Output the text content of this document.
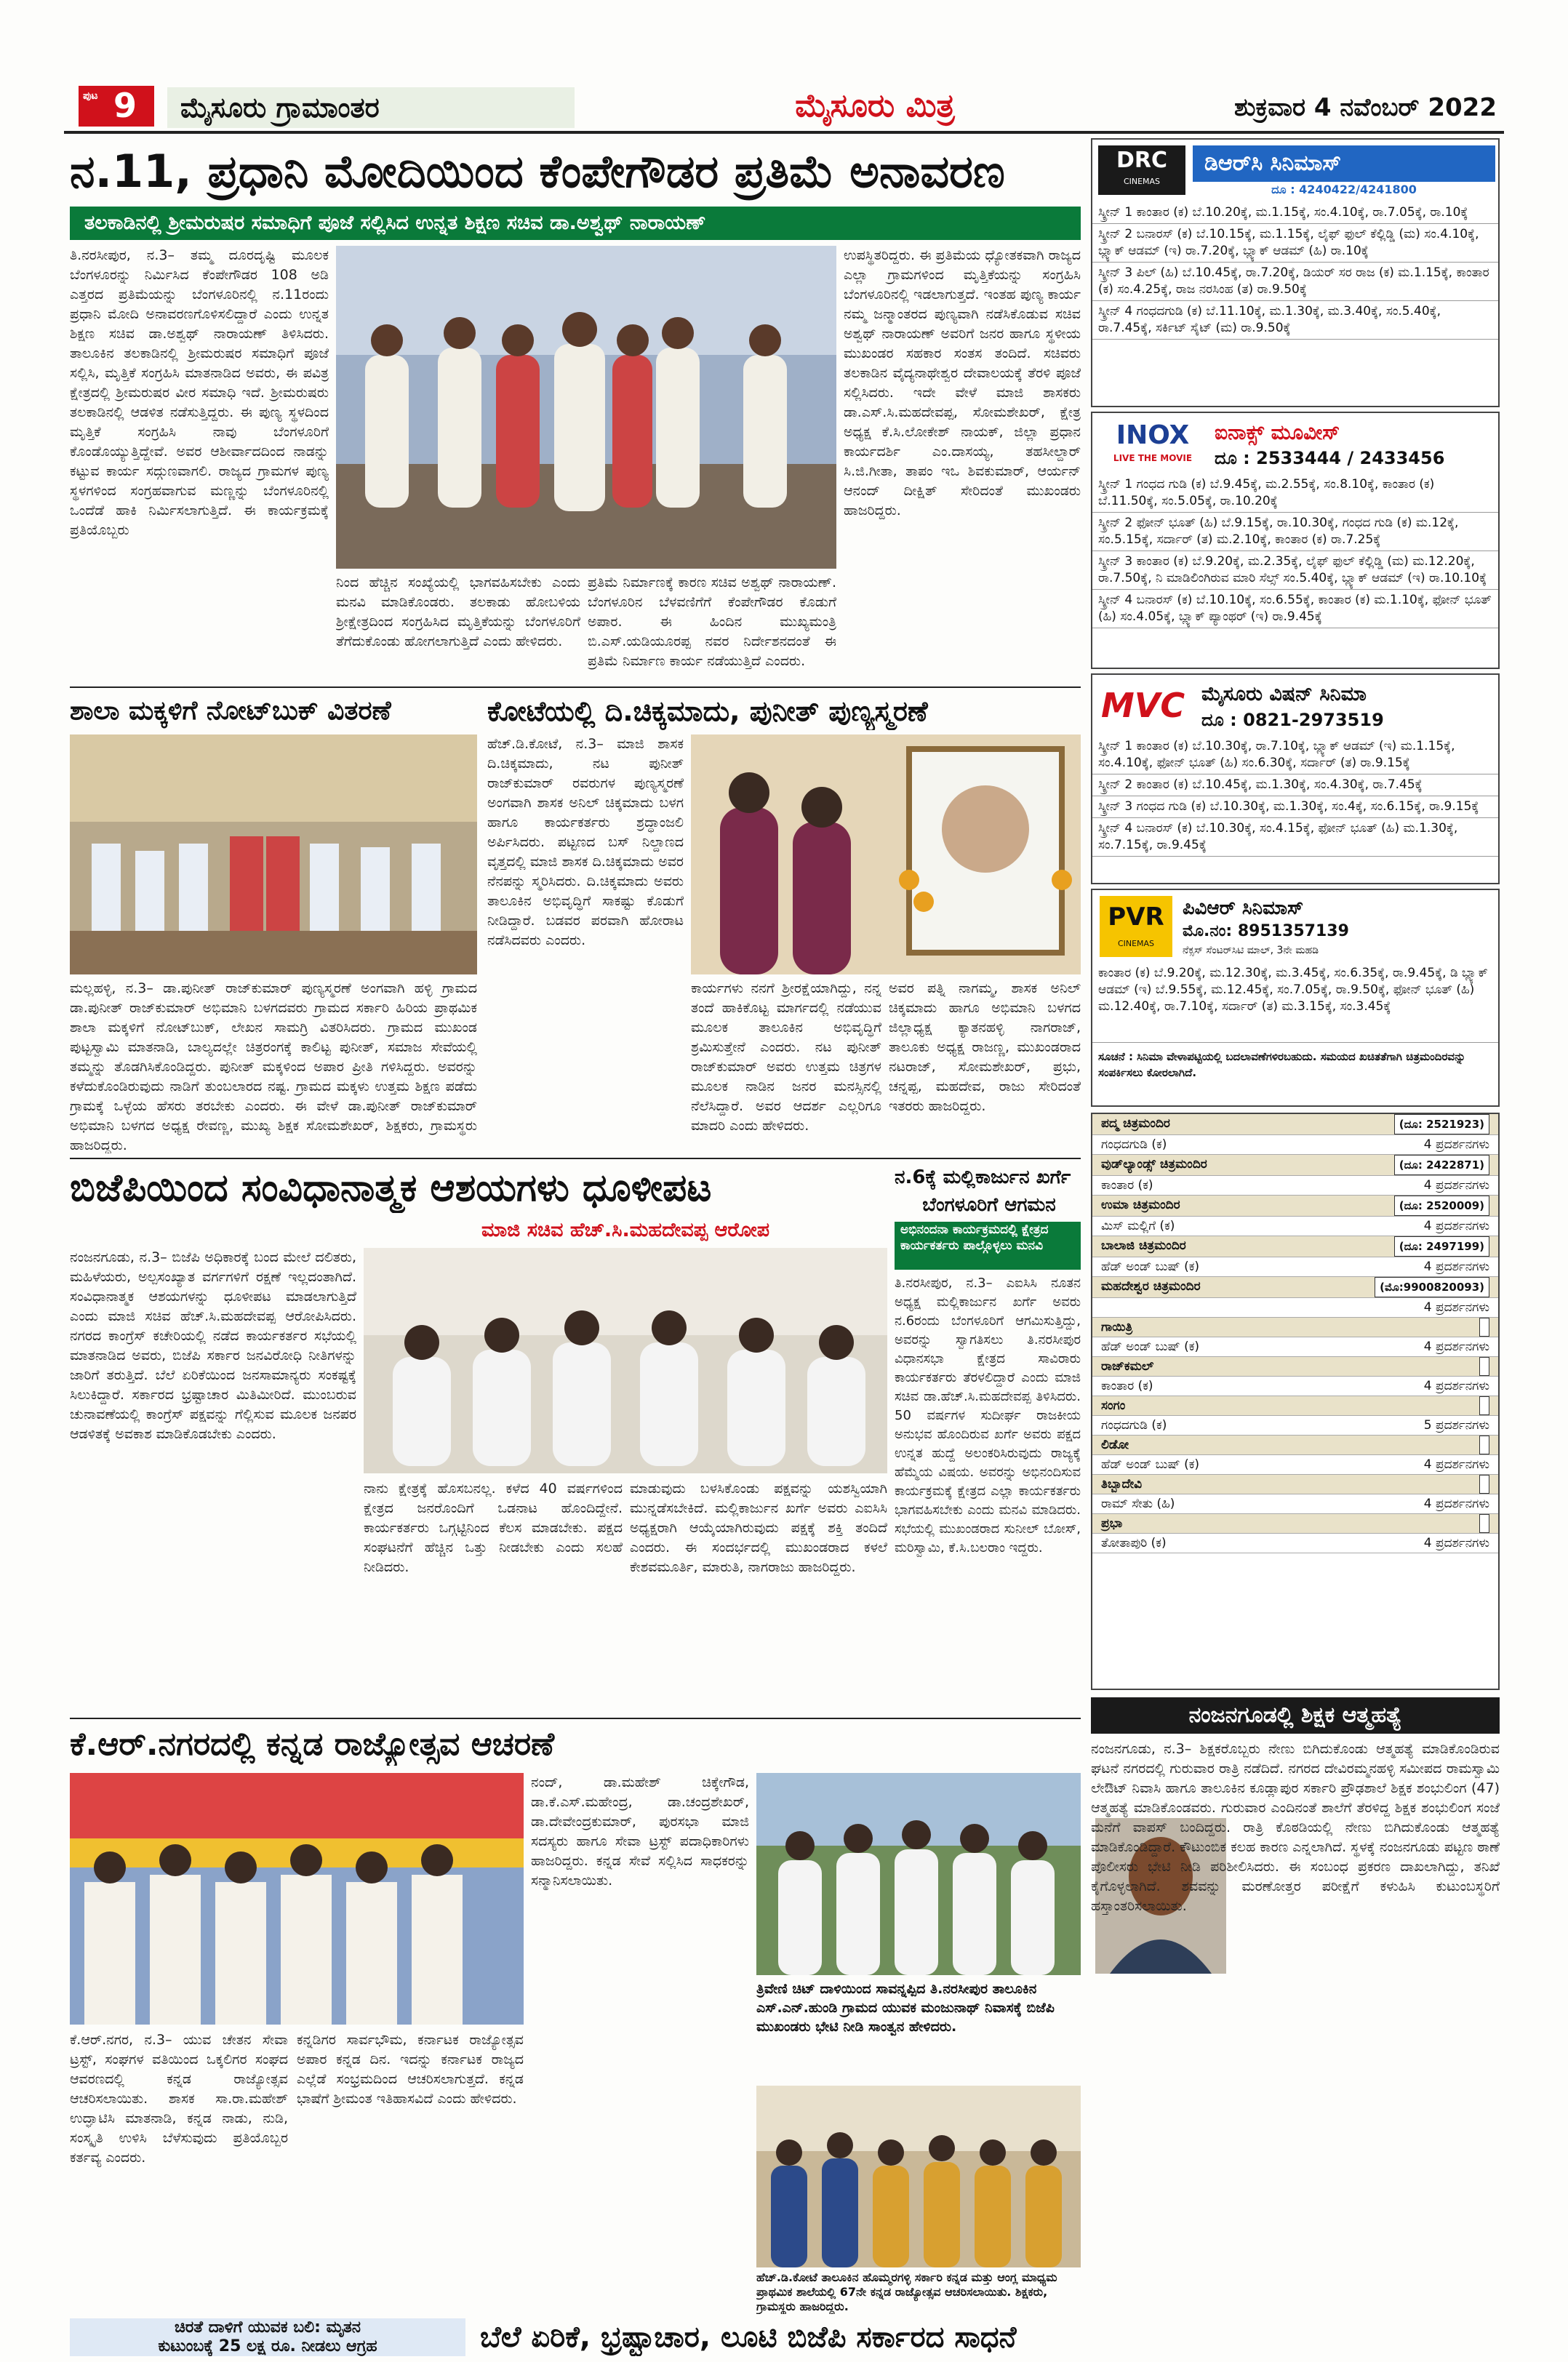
ಪುಟ 9	ಮೈಸೂರು ಗ್ರಾಮಾಂತರ	ಮೈಸೂರು ಮಿತ್ರ	ಶುಕ್ರವಾರ 4 ನವೆಂಬರ್ 2022
ನ.11, ಪ್ರಧಾನಿ ಮೋದಿಯಿಂದ ಕೆಂಪೇಗೌಡರ ಪ್ರತಿಮೆ ಅನಾವರಣ
ತಲಕಾಡಿನಲ್ಲಿ ಶ್ರೀಮರುಷರ ಸಮಾಧಿಗೆ ಪೂಜೆ ಸಲ್ಲಿಸಿದ ಉನ್ನತ ಶಿಕ್ಷಣ ಸಚಿವ ಡಾ.ಅಶ್ವಥ್ ನಾರಾಯಣ್
ತಿ.ನರಸೀಪುರ, ನ.3– ತಮ್ಮ ದೂರದೃಷ್ಟಿ ಮೂಲಕ ಬೆಂಗಳೂರನ್ನು ನಿರ್ಮಿಸಿದ ಕೆಂಪೇಗೌಡರ 108 ಅಡಿ ಎತ್ತರದ ಪ್ರತಿಮೆಯನ್ನು ಬೆಂಗಳೂರಿನಲ್ಲಿ ನ.11ರಂದು ಪ್ರಧಾನಿ ಮೋದಿ ಅನಾವರಣಗೊಳಿಸಲಿದ್ದಾರೆ ಎಂದು ಉನ್ನತ ಶಿಕ್ಷಣ ಸಚಿವ ಡಾ.ಅಶ್ವಥ್ ನಾರಾಯಣ್ ತಿಳಿಸಿದರು. ತಾಲೂಕಿನ ತಲಕಾಡಿನಲ್ಲಿ ಶ್ರೀಮರುಷರ ಸಮಾಧಿಗೆ ಪೂಜೆ ಸಲ್ಲಿಸಿ, ಮೃತ್ತಿಕೆ ಸಂಗ್ರಹಿಸಿ ಮಾತನಾಡಿದ ಅವರು, ಈ ಪವಿತ್ರ ಕ್ಷೇತ್ರದಲ್ಲಿ ಶ್ರೀಮರುಷರ ವೀರ ಸಮಾಧಿ ಇದೆ. ಶ್ರೀಮರುಷರು ತಲಕಾಡಿನಲ್ಲಿ ಆಡಳಿತ ನಡೆಸುತ್ತಿದ್ದರು. ಈ ಪುಣ್ಯ ಸ್ಥಳದಿಂದ ಮೃತ್ತಿಕೆ ಸಂಗ್ರಹಿಸಿ ನಾವು ಬೆಂಗಳೂರಿಗೆ ಕೊಂಡೊಯ್ಯುತ್ತಿದ್ದೇವೆ. ಅವರ ಆಶೀರ್ವಾದದಿಂದ ನಾಡನ್ನು ಕಟ್ಟುವ ಕಾರ್ಯ ಸದ್ಗುಣವಾಗಲಿ. ರಾಜ್ಯದ ಗ್ರಾಮಗಳ ಪುಣ್ಯ ಸ್ಥಳಗಳಿಂದ ಸಂಗ್ರಹವಾಗುವ ಮಣ್ಣನ್ನು ಬೆಂಗಳೂರಿನಲ್ಲಿ ಒಂದೆಡೆ ಹಾಕಿ ನಿರ್ಮಿಸಲಾಗುತ್ತಿದೆ. ಈ ಕಾರ್ಯಕ್ರಮಕ್ಕೆ ಪ್ರತಿಯೊಬ್ಬರು
ಉಪಸ್ಥಿತರಿದ್ದರು. ಈ ಪ್ರತಿಮೆಯ ಧ್ಯೋತಕವಾಗಿ ರಾಜ್ಯದ ಎಲ್ಲಾ ಗ್ರಾಮಗಳಿಂದ ಮೃತ್ತಿಕೆಯನ್ನು ಸಂಗ್ರಹಿಸಿ ಬೆಂಗಳೂರಿನಲ್ಲಿ ಇಡಲಾಗುತ್ತದೆ. ಇಂತಹ ಪುಣ್ಯ ಕಾರ್ಯ ನಮ್ಮ ಜನ್ಮಾಂತರದ ಪುಣ್ಯವಾಗಿ ನಡೆಸಿಕೊಡುವ ಸಚಿವ ಅಶ್ವಥ್ ನಾರಾಯಣ್ ಅವರಿಗೆ ಜನರ ಹಾಗೂ ಸ್ಥಳೀಯ ಮುಖಂಡರ ಸಹಕಾರ ಸಂತಸ ತಂದಿದೆ. ಸಚಿವರು ತಲಕಾಡಿನ ವೈದ್ಯನಾಥೇಶ್ವರ ದೇವಾಲಯಕ್ಕೆ ತೆರಳಿ ಪೂಜೆ ಸಲ್ಲಿಸಿದರು. ಇದೇ ವೇಳೆ ಮಾಜಿ ಶಾಸಕರು ಡಾ.ಎಸ್.ಸಿ.ಮಹದೇವಪ್ಪ, ಸೋಮಶೇಖರ್, ಕ್ಷೇತ್ರ ಅಧ್ಯಕ್ಷ ಕೆ.ಸಿ.ಲೋಕೇಶ್ ನಾಯಕ್, ಜಿಲ್ಲಾ ಪ್ರಧಾನ ಕಾರ್ಯದರ್ಶಿ ಎಂ.ದಾಸಯ್ಯ, ತಹಸೀಲ್ದಾರ್ ಸಿ.ಜಿ.ಗೀತಾ, ತಾಪಂ ಇಒ ಶಿವಕುಮಾರ್, ಆರ್ಯನ್ ಆನಂದ್ ದೀಕ್ಷಿತ್ ಸೇರಿದಂತೆ ಮುಖಂಡರು ಹಾಜರಿದ್ದರು.
ನಿಂದ ಹೆಚ್ಚಿನ ಸಂಖ್ಯೆಯಲ್ಲಿ ಭಾಗವಹಿಸಬೇಕು ಎಂದು ಮನವಿ ಮಾಡಿಕೊಂಡರು. ತಲಕಾಡು ಹೋಬಳಿಯ ಶ್ರೀಕ್ಷೇತ್ರದಿಂದ ಸಂಗ್ರಹಿಸಿದ ಮೃತ್ತಿಕೆಯನ್ನು ಬೆಂಗಳೂರಿಗೆ ತೆಗೆದುಕೊಂಡು ಹೋಗಲಾಗುತ್ತಿದೆ ಎಂದು ಹೇಳಿದರು.
ಪ್ರತಿಮೆ ನಿರ್ಮಾಣಕ್ಕೆ ಕಾರಣ ಸಚಿವ ಅಶ್ವಥ್ ನಾರಾಯಣ್. ಬೆಂಗಳೂರಿನ ಬೆಳವಣಿಗೆಗೆ ಕೆಂಪೇಗೌಡರ ಕೊಡುಗೆ ಅಪಾರ. ಈ ಹಿಂದಿನ ಮುಖ್ಯಮಂತ್ರಿ ಬಿ.ಎಸ್.ಯಡಿಯೂರಪ್ಪ ನವರ ನಿರ್ದೇಶನದಂತೆ ಈ ಪ್ರತಿಮೆ ನಿರ್ಮಾಣ ಕಾರ್ಯ ನಡೆಯುತ್ತಿದೆ ಎಂದರು.
ಶಾಲಾ ಮಕ್ಕಳಿಗೆ ನೋಟ್‌ಬುಕ್ ವಿತರಣೆ
ಮಲ್ಲಹಳ್ಳಿ, ನ.3– ಡಾ.ಪುನೀತ್ ರಾಜ್‌ಕುಮಾರ್ ಪುಣ್ಯಸ್ಮರಣೆ ಅಂಗವಾಗಿ ಹಳ್ಳಿ ಗ್ರಾಮದ ಡಾ.ಪುನೀತ್ ರಾಜ್‌ಕುಮಾರ್ ಅಭಿಮಾನಿ ಬಳಗದವರು ಗ್ರಾಮದ ಸರ್ಕಾರಿ ಹಿರಿಯ ಪ್ರಾಥಮಿಕ ಶಾಲಾ ಮಕ್ಕಳಿಗೆ ನೋಟ್‌ಬುಕ್, ಲೇಖನ ಸಾಮಗ್ರಿ ವಿತರಿಸಿದರು. ಗ್ರಾಮದ ಮುಖಂಡ ಪುಟ್ಟಸ್ವಾಮಿ ಮಾತನಾಡಿ, ಬಾಲ್ಯದಲ್ಲೇ ಚಿತ್ರರಂಗಕ್ಕೆ ಕಾಲಿಟ್ಟ ಪುನೀತ್, ಸಮಾಜ ಸೇವೆಯಲ್ಲಿ ತಮ್ಮನ್ನು ತೊಡಗಿಸಿಕೊಂಡಿದ್ದರು. ಪುನೀತ್ ಮಕ್ಕಳಿಂದ ಅಪಾರ ಪ್ರೀತಿ ಗಳಿಸಿದ್ದರು. ಅವರನ್ನು ಕಳೆದುಕೊಂಡಿರುವುದು ನಾಡಿಗೆ ತುಂಬಲಾರದ ನಷ್ಟ. ಗ್ರಾಮದ ಮಕ್ಕಳು ಉತ್ತಮ ಶಿಕ್ಷಣ ಪಡೆದು ಗ್ರಾಮಕ್ಕೆ ಒಳ್ಳೆಯ ಹೆಸರು ತರಬೇಕು ಎಂದರು. ಈ ವೇಳೆ ಡಾ.ಪುನೀತ್ ರಾಜ್‌ಕುಮಾರ್ ಅಭಿಮಾನಿ ಬಳಗದ ಅಧ್ಯಕ್ಷ ರೇವಣ್ಣ, ಮುಖ್ಯ ಶಿಕ್ಷಕ ಸೋಮಶೇಖರ್, ಶಿಕ್ಷಕರು, ಗ್ರಾಮಸ್ಥರು ಹಾಜರಿದ್ದರು.
ಕೋಟೆಯಲ್ಲಿ ದಿ.ಚಿಕ್ಕಮಾದು, ಪುನೀತ್ ಪುಣ್ಯಸ್ಮರಣೆ
ಹೆಚ್.ಡಿ.ಕೋಟೆ, ನ.3– ಮಾಜಿ ಶಾಸಕ ದಿ.ಚಿಕ್ಕಮಾದು, ನಟ ಪುನೀತ್ ರಾಜ್‌ಕುಮಾರ್ ರವರುಗಳ ಪುಣ್ಯಸ್ಮರಣೆ ಅಂಗವಾಗಿ ಶಾಸಕ ಅನಿಲ್ ಚಿಕ್ಕಮಾದು ಬಳಗ ಹಾಗೂ ಕಾರ್ಯಕರ್ತರು ಶ್ರದ್ಧಾಂಜಲಿ ಅರ್ಪಿಸಿದರು. ಪಟ್ಟಣದ ಬಸ್ ನಿಲ್ದಾಣದ ವೃತ್ತದಲ್ಲಿ ಮಾಜಿ ಶಾಸಕ ದಿ.ಚಿಕ್ಕಮಾದು ಅವರ ನೆನಪನ್ನು ಸ್ಮರಿಸಿದರು. ದಿ.ಚಿಕ್ಕಮಾದು ಅವರು ತಾಲೂಕಿನ ಅಭಿವೃದ್ಧಿಗೆ ಸಾಕಷ್ಟು ಕೊಡುಗೆ ನೀಡಿದ್ದಾರೆ. ಬಡವರ ಪರವಾಗಿ ಹೋರಾಟ ನಡೆಸಿದವರು ಎಂದರು.
ಕಾರ್ಯಗಳು ನನಗೆ ಶ್ರೀರಕ್ಷೆಯಾಗಿದ್ದು, ನನ್ನ ತಂದೆ ಹಾಕಿಕೊಟ್ಟ ಮಾರ್ಗದಲ್ಲಿ ನಡೆಯುವ ಮೂಲಕ ತಾಲೂಕಿನ ಅಭಿವೃದ್ಧಿಗೆ ಶ್ರಮಿಸುತ್ತೇನೆ ಎಂದರು. ನಟ ಪುನೀತ್ ರಾಜ್‌ಕುಮಾರ್ ಅವರು ಉತ್ತಮ ಚಿತ್ರಗಳ ಮೂಲಕ ನಾಡಿನ ಜನರ ಮನಸ್ಸಿನಲ್ಲಿ ನೆಲೆಸಿದ್ದಾರೆ. ಅವರ ಆದರ್ಶ ಎಲ್ಲರಿಗೂ ಮಾದರಿ ಎಂದು ಹೇಳಿದರು.
ಅವರ ಪತ್ನಿ ನಾಗಮ್ಮ, ಶಾಸಕ ಅನಿಲ್ ಚಿಕ್ಕಮಾದು ಹಾಗೂ ಅಭಿಮಾನಿ ಬಳಗದ ಜಿಲ್ಲಾಧ್ಯಕ್ಷ ಕ್ಯಾತನಹಳ್ಳಿ ನಾಗರಾಜ್, ತಾಲೂಕು ಅಧ್ಯಕ್ಷ ರಾಜಣ್ಣ, ಮುಖಂಡರಾದ ನಟರಾಜ್, ಸೋಮಶೇಖರ್, ಪ್ರಭು, ಚನ್ನಪ್ಪ, ಮಹದೇವ, ರಾಜು ಸೇರಿದಂತೆ ಇತರರು ಹಾಜರಿದ್ದರು.
ಬಿಜೆಪಿಯಿಂದ ಸಂವಿಧಾನಾತ್ಮಕ ಆಶಯಗಳು ಧೂಳೀಪಟ
ಮಾಜಿ ಸಚಿವ ಹೆಚ್.ಸಿ.ಮಹದೇವಪ್ಪ ಆರೋಪ
ನಂಜನಗೂಡು, ನ.3– ಬಿಜೆಪಿ ಅಧಿಕಾರಕ್ಕೆ ಬಂದ ಮೇಲೆ ದಲಿತರು, ಮಹಿಳೆಯರು, ಅಲ್ಪಸಂಖ್ಯಾತ ವರ್ಗಗಳಿಗೆ ರಕ್ಷಣೆ ಇಲ್ಲದಂತಾಗಿದೆ. ಸಂವಿಧಾನಾತ್ಮಕ ಆಶಯಗಳನ್ನು ಧೂಳೀಪಟ ಮಾಡಲಾಗುತ್ತಿದೆ ಎಂದು ಮಾಜಿ ಸಚಿವ ಹೆಚ್.ಸಿ.ಮಹದೇವಪ್ಪ ಆರೋಪಿಸಿದರು. ನಗರದ ಕಾಂಗ್ರೆಸ್ ಕಚೇರಿಯಲ್ಲಿ ನಡೆದ ಕಾರ್ಯಕರ್ತರ ಸಭೆಯಲ್ಲಿ ಮಾತನಾಡಿದ ಅವರು, ಬಿಜೆಪಿ ಸರ್ಕಾರ ಜನವಿರೋಧಿ ನೀತಿಗಳನ್ನು ಜಾರಿಗೆ ತರುತ್ತಿದೆ. ಬೆಲೆ ಏರಿಕೆಯಿಂದ ಜನಸಾಮಾನ್ಯರು ಸಂಕಷ್ಟಕ್ಕೆ ಸಿಲುಕಿದ್ದಾರೆ. ಸರ್ಕಾರದ ಭ್ರಷ್ಟಾಚಾರ ಮಿತಿಮೀರಿದೆ. ಮುಂಬರುವ ಚುನಾವಣೆಯಲ್ಲಿ ಕಾಂಗ್ರೆಸ್ ಪಕ್ಷವನ್ನು ಗೆಲ್ಲಿಸುವ ಮೂಲಕ ಜನಪರ ಆಡಳಿತಕ್ಕೆ ಅವಕಾಶ ಮಾಡಿಕೊಡಬೇಕು ಎಂದರು.
ನಾನು ಕ್ಷೇತ್ರಕ್ಕೆ ಹೊಸಬನಲ್ಲ. ಕಳೆದ 40 ವರ್ಷಗಳಿಂದ ಕ್ಷೇತ್ರದ ಜನರೊಂದಿಗೆ ಒಡನಾಟ ಹೊಂದಿದ್ದೇನೆ. ಕಾರ್ಯಕರ್ತರು ಒಗ್ಗಟ್ಟಿನಿಂದ ಕೆಲಸ ಮಾಡಬೇಕು. ಪಕ್ಷದ ಸಂಘಟನೆಗೆ ಹೆಚ್ಚಿನ ಒತ್ತು ನೀಡಬೇಕು ಎಂದು ಸಲಹೆ ನೀಡಿದರು.
ಮಾಡುವುದು ಬಳಸಿಕೊಂಡು ಪಕ್ಷವನ್ನು ಯಶಸ್ವಿಯಾಗಿ ಮುನ್ನಡೆಸಬೇಕಿದೆ. ಮಲ್ಲಿಕಾರ್ಜುನ ಖರ್ಗೆ ಅವರು ಎಐಸಿಸಿ ಅಧ್ಯಕ್ಷರಾಗಿ ಆಯ್ಕೆಯಾಗಿರುವುದು ಪಕ್ಷಕ್ಕೆ ಶಕ್ತಿ ತಂದಿದೆ ಎಂದರು. ಈ ಸಂದರ್ಭದಲ್ಲಿ ಮುಖಂಡರಾದ ಕಳಲೆ ಕೇಶವಮೂರ್ತಿ, ಮಾರುತಿ, ನಾಗರಾಜು ಹಾಜರಿದ್ದರು.
ನ.6ಕ್ಕೆ ಮಲ್ಲಿಕಾರ್ಜುನ ಖರ್ಗೆ
ಬೆಂಗಳೂರಿಗೆ ಆಗಮನ
ಅಭಿನಂದನಾ ಕಾರ್ಯಕ್ರಮದಲ್ಲಿ ಕ್ಷೇತ್ರದ ಕಾರ್ಯಕರ್ತರು ಪಾಲ್ಗೊಳ್ಳಲು ಮನವಿ
ತಿ.ನರಸೀಪುರ, ನ.3– ಎಐಸಿಸಿ ನೂತನ ಅಧ್ಯಕ್ಷ ಮಲ್ಲಿಕಾರ್ಜುನ ಖರ್ಗೆ ಅವರು ನ.6ರಂದು ಬೆಂಗಳೂರಿಗೆ ಆಗಮಿಸುತ್ತಿದ್ದು, ಅವರನ್ನು ಸ್ವಾಗತಿಸಲು ತಿ.ನರಸೀಪುರ ವಿಧಾನಸಭಾ ಕ್ಷೇತ್ರದ ಸಾವಿರಾರು ಕಾರ್ಯಕರ್ತರು ತೆರಳಲಿದ್ದಾರೆ ಎಂದು ಮಾಜಿ ಸಚಿವ ಡಾ.ಹೆಚ್.ಸಿ.ಮಹದೇವಪ್ಪ ತಿಳಿಸಿದರು. 50 ವರ್ಷಗಳ ಸುದೀರ್ಘ ರಾಜಕೀಯ ಅನುಭವ ಹೊಂದಿರುವ ಖರ್ಗೆ ಅವರು ಪಕ್ಷದ ಉನ್ನತ ಹುದ್ದೆ ಅಲಂಕರಿಸಿರುವುದು ರಾಜ್ಯಕ್ಕೆ ಹೆಮ್ಮೆಯ ವಿಷಯ. ಅವರನ್ನು ಅಭಿನಂದಿಸುವ ಕಾರ್ಯಕ್ರಮಕ್ಕೆ ಕ್ಷೇತ್ರದ ಎಲ್ಲಾ ಕಾರ್ಯಕರ್ತರು ಭಾಗವಹಿಸಬೇಕು ಎಂದು ಮನವಿ ಮಾಡಿದರು. ಸಭೆಯಲ್ಲಿ ಮುಖಂಡರಾದ ಸುನೀಲ್ ಬೋಸ್, ಮರಿಸ್ವಾಮಿ, ಕೆ.ಸಿ.ಬಲರಾಂ ಇದ್ದರು.
ಕೆ.ಆರ್.ನಗರದಲ್ಲಿ ಕನ್ನಡ ರಾಜ್ಯೋತ್ಸವ ಆಚರಣೆ
ಕೆ.ಆರ್.ನಗರ, ನ.3– ಯುವ ಚೇತನ ಸೇವಾ ಟ್ರಸ್ಟ್, ಸಂಘಗಳ ವತಿಯಿಂದ ಒಕ್ಕಲಿಗರ ಸಂಘದ ಆವರಣದಲ್ಲಿ ಕನ್ನಡ ರಾಜ್ಯೋತ್ಸವ ಆಚರಿಸಲಾಯಿತು. ಶಾಸಕ ಸಾ.ರಾ.ಮಹೇಶ್ ಉದ್ಘಾಟಿಸಿ ಮಾತನಾಡಿ, ಕನ್ನಡ ನಾಡು, ನುಡಿ, ಸಂಸ್ಕೃತಿ ಉಳಿಸಿ ಬೆಳೆಸುವುದು ಪ್ರತಿಯೊಬ್ಬರ ಕರ್ತವ್ಯ ಎಂದರು.
ಕನ್ನಡಿಗರ ಸಾರ್ವಭೌಮ, ಕರ್ನಾಟಕ ರಾಜ್ಯೋತ್ಸವ ಅಪಾರ ಕನ್ನಡ ದಿನ. ಇದನ್ನು ಕರ್ನಾಟಕ ರಾಜ್ಯದ ಎಲ್ಲೆಡೆ ಸಂಭ್ರಮದಿಂದ ಆಚರಿಸಲಾಗುತ್ತದೆ. ಕನ್ನಡ ಭಾಷೆಗೆ ಶ್ರೀಮಂತ ಇತಿಹಾಸವಿದೆ ಎಂದು ಹೇಳಿದರು.
ನಂದ್, ಡಾ.ಮಹೇಶ್ ಚಿಕ್ಕೇಗೌಡ, ಡಾ.ಕೆ.ಎಸ್.ಮಹೇಂದ್ರ, ಡಾ.ಚಂದ್ರಶೇಖರ್, ಡಾ.ದೇವೇಂದ್ರಕುಮಾರ್, ಪುರಸಭಾ ಮಾಜಿ ಸದಸ್ಯರು ಹಾಗೂ ಸೇವಾ ಟ್ರಸ್ಟ್ ಪದಾಧಿಕಾರಿಗಳು ಹಾಜರಿದ್ದರು. ಕನ್ನಡ ಸೇವೆ ಸಲ್ಲಿಸಿದ ಸಾಧಕರನ್ನು ಸನ್ಮಾನಿಸಲಾಯಿತು.
ತ್ರಿವೇಣಿ ಚಿಟ್ ದಾಳಿಯಿಂದ ಸಾವನ್ನಪ್ಪಿದ ತಿ.ನರಸೀಪುರ ತಾಲೂಕಿನ ಎಸ್.ಎನ್.ಹುಂಡಿ ಗ್ರಾಮದ ಯುವಕ ಮಂಜುನಾಥ್ ನಿವಾಸಕ್ಕೆ ಬಿಜೆಪಿ ಮುಖಂಡರು ಭೇಟಿ ನೀಡಿ ಸಾಂತ್ವನ ಹೇಳಿದರು.
ಹೆಚ್.ಡಿ.ಕೋಟೆ ತಾಲೂಕಿನ ಹೊಮ್ಮರಗಳ್ಳಿ ಸರ್ಕಾರಿ ಕನ್ನಡ ಮತ್ತು ಆಂಗ್ಲ ಮಾಧ್ಯಮ ಪ್ರಾಥಮಿಕ ಶಾಲೆಯಲ್ಲಿ 67ನೇ ಕನ್ನಡ ರಾಜ್ಯೋತ್ಸವ ಆಚರಿಸಲಾಯಿತು. ಶಿಕ್ಷಕರು, ಗ್ರಾಮಸ್ಥರು ಹಾಜರಿದ್ದರು.
ಚಿರತೆ ದಾಳಿಗೆ ಯುವಕ ಬಲಿ: ಮೃತನ
ಕುಟುಂಬಕ್ಕೆ 25 ಲಕ್ಷ ರೂ. ನೀಡಲು ಆಗ್ರಹ	ಬೆಲೆ ಏರಿಕೆ, ಭ್ರಷ್ಟಾಚಾರ, ಲೂಟಿ ಬಿಜೆಪಿ ಸರ್ಕಾರದ ಸಾಧನೆ
DRC
CINEMAS
ಡಿಆರ್‌ಸಿ ಸಿನಿಮಾಸ್
ದೂ : 4240422/4241800
ಸ್ಕ್ರೀನ್ 1 ಕಾಂತಾರ (ಕ) ಬೆ.10.20ಕ್ಕೆ, ಮ.1.15ಕ್ಕೆ, ಸಂ.4.10ಕ್ಕೆ, ರಾ.7.05ಕ್ಕೆ, ರಾ.10ಕ್ಕೆ
ಸ್ಕ್ರೀನ್ 2 ಬನಾರಸ್ (ಕ) ಬೆ.10.15ಕ್ಕೆ, ಮ.1.15ಕ್ಕೆ, ಲೈಫ್ ಫುಲ್ ಕೆಲ್ಲಿಡ್ಡಿ (ಮ) ಸಂ.4.10ಕ್ಕೆ, ಬ್ಲ್ಯಾಕ್ ಆಡಮ್ (ಇ) ರಾ.7.20ಕ್ಕೆ, ಬ್ಲ್ಯಾಕ್ ಆಡಮ್ (ಹಿ) ರಾ.10ಕ್ಕೆ
ಸ್ಕ್ರೀನ್ 3 ಪಿಲ್ (ಹಿ) ಬೆ.10.45ಕ್ಕೆ, ರಾ.7.20ಕ್ಕೆ, ಡಿಯರ್ ಸರ ರಾಜ (ಕ) ಮ.1.15ಕ್ಕೆ, ಕಾಂತಾರ (ಕ) ಸಂ.4.25ಕ್ಕೆ, ರಾಜ ನರಸಿಂಹ (ತ) ರಾ.9.50ಕ್ಕೆ
ಸ್ಕ್ರೀನ್ 4 ಗಂಧದಗುಡಿ (ಕ) ಬೆ.11.10ಕ್ಕೆ, ಮ.1.30ಕ್ಕೆ, ಮ.3.40ಕ್ಕೆ, ಸಂ.5.40ಕ್ಕೆ, ರಾ.7.45ಕ್ಕೆ, ಸರ್ಕಿಟ್ ಸೈಟ್ (ಮ) ರಾ.9.50ಕ್ಕೆ
INOX
LIVE THE MOVIE
ಐನಾಕ್ಸ್ ಮೂವೀಸ್
ದೂ : 2533444 / 2433456
ಸ್ಕ್ರೀನ್ 1 ಗಂಧದ ಗುಡಿ (ಕ) ಬೆ.9.45ಕ್ಕೆ, ಮ.2.55ಕ್ಕೆ, ಸಂ.8.10ಕ್ಕೆ, ಕಾಂತಾರ (ಕ) ಬೆ.11.50ಕ್ಕೆ, ಸಂ.5.05ಕ್ಕೆ, ರಾ.10.20ಕ್ಕೆ
ಸ್ಕ್ರೀನ್ 2 ಫೋನ್ ಭೂತ್ (ಹಿ) ಬೆ.9.15ಕ್ಕೆ, ರಾ.10.30ಕ್ಕೆ, ಗಂಧದ ಗುಡಿ (ಕ) ಮ.12ಕ್ಕೆ, ಸಂ.5.15ಕ್ಕೆ, ಸರ್ದಾರ್ (ತ) ಮ.2.10ಕ್ಕೆ, ಕಾಂತಾರ (ಕ) ರಾ.7.25ಕ್ಕೆ
ಸ್ಕ್ರೀನ್ 3 ಕಾಂತಾರ (ಕ) ಬೆ.9.20ಕ್ಕೆ, ಮ.2.35ಕ್ಕೆ, ಲೈಫ್ ಫುಲ್ ಕೆಲ್ಲಿಡ್ಡಿ (ಮ) ಮ.12.20ಕ್ಕೆ, ರಾ.7.50ಕ್ಕೆ, ನಿ ಮಾಡಿಲಿಂಗಿರುವ ಮಾರಿ ಸೆಲ್ಸ್ ಸಂ.5.40ಕ್ಕೆ, ಬ್ಲ್ಯಾಕ್ ಆಡಮ್ (ಇ) ರಾ.10.10ಕ್ಕೆ
ಸ್ಕ್ರೀನ್ 4 ಬನಾರಸ್ (ಕ) ಬೆ.10.10ಕ್ಕೆ, ಸಂ.6.55ಕ್ಕೆ, ಕಾಂತಾರ (ಕ) ಮ.1.10ಕ್ಕೆ, ಫೋನ್ ಭೂತ್ (ಹಿ) ಸಂ.4.05ಕ್ಕೆ, ಬ್ಲ್ಯಾಕ್ ಪ್ಯಾಂಥರ್ (ಇ) ರಾ.9.45ಕ್ಕೆ
MVC ಮೈಸೂರು ವಿಷನ್ ಸಿನಿಮಾ
ದೂ : 0821-2973519
ಸ್ಕ್ರೀನ್ 1 ಕಾಂತಾರ (ಕ) ಬೆ.10.30ಕ್ಕೆ, ರಾ.7.10ಕ್ಕೆ, ಬ್ಲ್ಯಾಕ್ ಆಡಮ್ (ಇ) ಮ.1.15ಕ್ಕೆ, ಸಂ.4.10ಕ್ಕೆ, ಫೋನ್ ಭೂತ್ (ಹಿ) ಸಂ.6.30ಕ್ಕೆ, ಸರ್ದಾರ್ (ತ) ರಾ.9.15ಕ್ಕೆ
ಸ್ಕ್ರೀನ್ 2 ಕಾಂತಾರ (ಕ) ಬೆ.10.45ಕ್ಕೆ, ಮ.1.30ಕ್ಕೆ, ಸಂ.4.30ಕ್ಕೆ, ರಾ.7.45ಕ್ಕೆ
ಸ್ಕ್ರೀನ್ 3 ಗಂಧದ ಗುಡಿ (ಕ) ಬೆ.10.30ಕ್ಕೆ, ಮ.1.30ಕ್ಕೆ, ಸಂ.4ಕ್ಕೆ, ಸಂ.6.15ಕ್ಕೆ, ರಾ.9.15ಕ್ಕೆ
ಸ್ಕ್ರೀನ್ 4 ಬನಾರಸ್ (ಕ) ಬೆ.10.30ಕ್ಕೆ, ಸಂ.4.15ಕ್ಕೆ, ಫೋನ್ ಭೂತ್ (ಹಿ) ಮ.1.30ಕ್ಕೆ, ಸಂ.7.15ಕ್ಕೆ, ರಾ.9.45ಕ್ಕೆ
PVR
CINEMAS
ಪಿವಿಆರ್ ಸಿನಿಮಾಸ್
ಮೊ.ನಂ: 8951357139
ನೆಕ್ಸಸ್ ಸೆಂಟರ್‌ಸಿಟಿ ಮಾಲ್, 3ನೇ ಮಹಡಿ
ಕಾಂತಾರ (ಕ) ಬೆ.9.20ಕ್ಕೆ, ಮ.12.30ಕ್ಕೆ, ಮ.3.45ಕ್ಕೆ, ಸಂ.6.35ಕ್ಕೆ, ರಾ.9.45ಕ್ಕೆ, ಡಿ ಬ್ಲ್ಯಾಕ್ ಆಡಮ್ (ಇ) ಬೆ.9.55ಕ್ಕೆ, ಮ.12.45ಕ್ಕೆ, ಸಂ.7.05ಕ್ಕೆ, ರಾ.9.50ಕ್ಕೆ, ಫೋನ್ ಭೂತ್ (ಹಿ) ಮ.12.40ಕ್ಕೆ, ರಾ.7.10ಕ್ಕೆ, ಸರ್ದಾರ್ (ತ) ಮ.3.15ಕ್ಕೆ, ಸಂ.3.45ಕ್ಕೆ
ಸೂಚನೆ : ಸಿನಿಮಾ ವೇಳಾಪಟ್ಟಿಯಲ್ಲಿ ಬದಲಾವಣೆಗಳಿರಬಹುದು. ಸಮಯದ ಖಚಿತತೆಗಾಗಿ ಚಿತ್ರಮಂದಿರವನ್ನು ಸಂಪರ್ಕಿಸಲು ಕೋರಲಾಗಿದೆ.
ಪದ್ಮ ಚಿತ್ರಮಂದಿರ	(ದೂ: 2521923)
ಗಂಧದಗುಡಿ (ಕ)	4 ಪ್ರದರ್ಶನಗಳು
ವುಡ್‌ಲ್ಯಾಂಡ್ಸ್ ಚಿತ್ರಮಂದಿರ	(ದೂ: 2422871)
ಕಾಂತಾರ (ಕ)	4 ಪ್ರದರ್ಶನಗಳು
ಉಮಾ ಚಿತ್ರಮಂದಿರ	(ದೂ: 2520009)
ಮಿಸ್ ಮಲ್ಲಿಗೆ (ಕ)	4 ಪ್ರದರ್ಶನಗಳು
ಬಾಲಾಜಿ ಚಿತ್ರಮಂದಿರ	(ದೂ: 2497199)
ಹೆಡ್ ಅಂಡ್ ಬುಷ್ (ಕ)	4 ಪ್ರದರ್ಶನಗಳು
ಮಹದೇಶ್ವರ ಚಿತ್ರಮಂದಿರ	(ಮೊ:9900820093)
4 ಪ್ರದರ್ಶನಗಳು
ಗಾಯಿತ್ರಿ
ಹೆಡ್ ಅಂಡ್ ಬುಷ್ (ಕ)	4 ಪ್ರದರ್ಶನಗಳು
ರಾಜ್‌ಕಮಲ್
ಕಾಂತಾರ (ಕ)	4 ಪ್ರದರ್ಶನಗಳು
ಸಂಗಂ
ಗಂಧದಗುಡಿ (ಕ)	5 ಪ್ರದರ್ಶನಗಳು
ಲಿಡೋ
ಹೆಡ್ ಅಂಡ್ ಬುಷ್ (ಕ)	4 ಪ್ರದರ್ಶನಗಳು
ತಿಬ್ಬಾದೇವಿ
ರಾಮ್ ಸೇತು (ಹಿ)	4 ಪ್ರದರ್ಶನಗಳು
ಪ್ರಭಾ
ತೋತಾಪುರಿ (ಕ)	4 ಪ್ರದರ್ಶನಗಳು
ನಂಜನಗೂಡಲ್ಲಿ ಶಿಕ್ಷಕ ಆತ್ಮಹತ್ಯೆ
ನಂಜನಗೂಡು, ನ.3– ಶಿಕ್ಷಕರೊಬ್ಬರು ನೇಣು ಬಿಗಿದುಕೊಂಡು ಆತ್ಮಹತ್ಯೆ ಮಾಡಿಕೊಂಡಿರುವ ಘಟನೆ ನಗರದಲ್ಲಿ ಗುರುವಾರ ರಾತ್ರಿ ನಡೆದಿದೆ. ನಗರದ ದೇವಿರಮ್ಮನಹಳ್ಳಿ ಸಮೀಪದ ರಾಮಸ್ವಾಮಿ ಲೇಔಟ್ ನಿವಾಸಿ ಹಾಗೂ ತಾಲೂಕಿನ ಕೂಡ್ಲಾಪುರ ಸರ್ಕಾರಿ ಪ್ರೌಢಶಾಲೆ ಶಿಕ್ಷಕ ಶಂಭುಲಿಂಗ (47) ಆತ್ಮಹತ್ಯೆ ಮಾಡಿಕೊಂಡವರು. ಗುರುವಾರ ಎಂದಿನಂತೆ ಶಾಲೆಗೆ ತೆರಳಿದ್ದ ಶಿಕ್ಷಕ ಶಂಭುಲಿಂಗ ಸಂಜೆ ಮನೆಗೆ ವಾಪಸ್ ಬಂದಿದ್ದರು. ರಾತ್ರಿ ಕೊಠಡಿಯಲ್ಲಿ ನೇಣು ಬಿಗಿದುಕೊಂಡು ಆತ್ಮಹತ್ಯೆ ಮಾಡಿಕೊಂಡಿದ್ದಾರೆ. ಕೌಟುಂಬಿಕ ಕಲಹ ಕಾರಣ ಎನ್ನಲಾಗಿದೆ. ಸ್ಥಳಕ್ಕೆ ನಂಜನಗೂಡು ಪಟ್ಟಣ ಠಾಣೆ ಪೊಲೀಸರು ಭೇಟಿ ನೀಡಿ ಪರಿಶೀಲಿಸಿದರು. ಈ ಸಂಬಂಧ ಪ್ರಕರಣ ದಾಖಲಾಗಿದ್ದು, ತನಿಖೆ ಕೈಗೊಳ್ಳಲಾಗಿದೆ. ಶವವನ್ನು ಮರಣೋತ್ತರ ಪರೀಕ್ಷೆಗೆ ಕಳುಹಿಸಿ ಕುಟುಂಬಸ್ಥರಿಗೆ ಹಸ್ತಾಂತರಿಸಲಾಯಿತು.
